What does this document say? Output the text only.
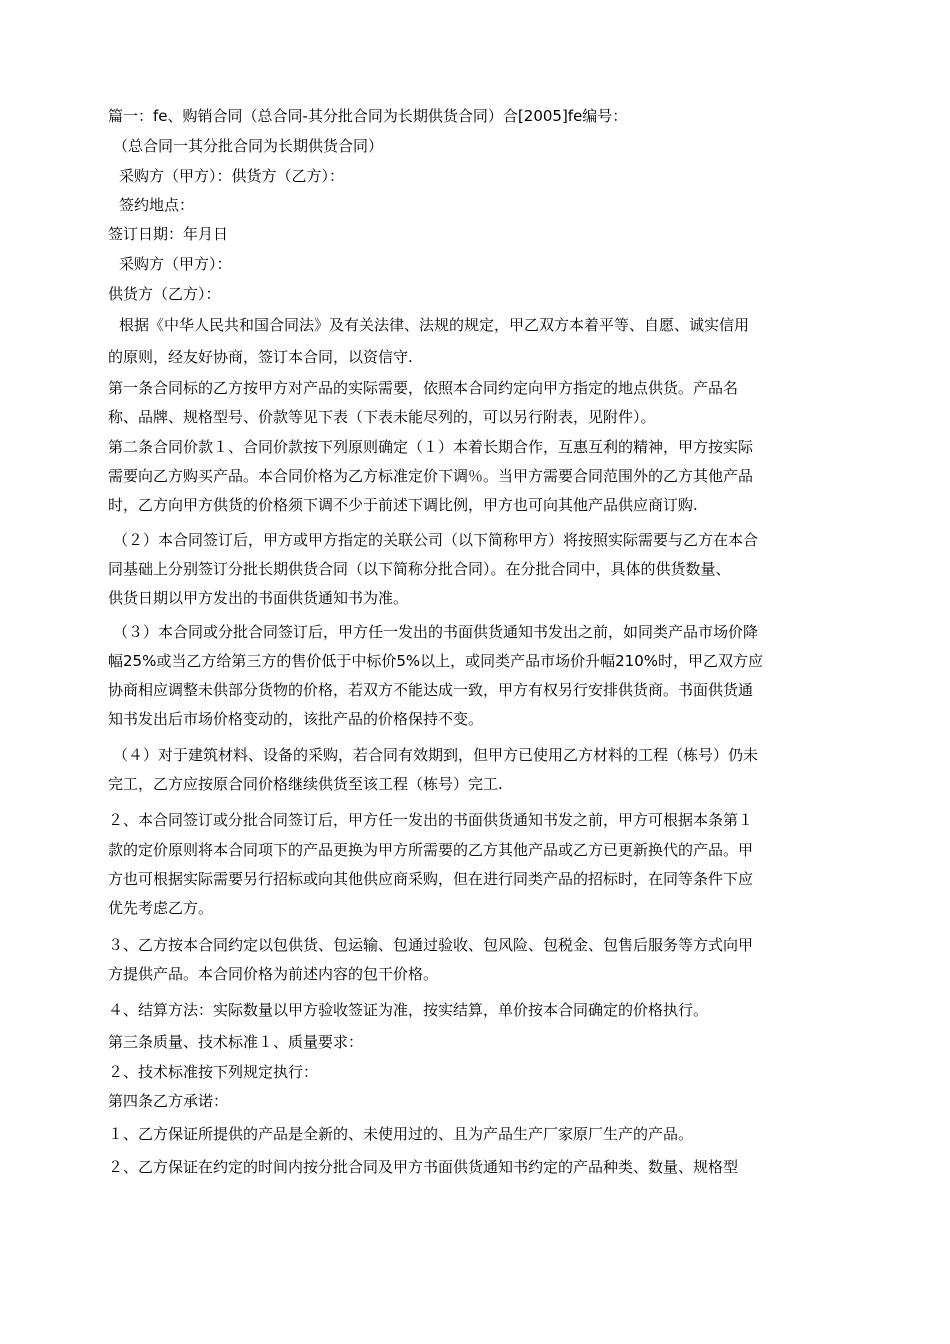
篇一：fe、购销合同（总合同-其分批合同为长期供货合同）合[2005]fe编号：
（总合同一其分批合同为长期供货合同）
采购方（甲方）：供货方（乙方）：
签约地点：
签订日期：年月日
采购方（甲方）：
供货方（乙方）：
根据《中华人民共和国合同法》及有关法律、法规的规定，甲乙双方本着平等、自愿、诚实信用
的原则，经友好协商，签订本合同，以资信守.
第一条合同标的乙方按甲方对产品的实际需要，依照本合同约定向甲方指定的地点供货。产品名
称、品牌、规格型号、价款等见下表（下表未能尽列的，可以另行附表，见附件）。
第二条合同价款１、合同价款按下列原则确定（１）本着长期合作，互惠互利的精神，甲方按实际
需要向乙方购买产品。本合同价格为乙方标准定价下调％。当甲方需要合同范围外的乙方其他产品
时，乙方向甲方供货的价格须下调不少于前述下调比例，甲方也可向其他产品供应商订购.
（２）本合同签订后，甲方或甲方指定的关联公司（以下简称甲方）将按照实际需要与乙方在本合
同基础上分别签订分批长期供货合同（以下简称分批合同）。在分批合同中，具体的供货数量、
供货日期以甲方发出的书面供货通知书为准。
（３）本合同或分批合同签订后，甲方任一发出的书面供货通知书发出之前，如同类产品市场价降
幅25%或当乙方给第三方的售价低于中标价5%以上，或同类产品市场价升幅210%时，甲乙双方应
协商相应调整未供部分货物的价格，若双方不能达成一致，甲方有权另行安排供货商。书面供货通
知书发出后市场价格变动的，该批产品的价格保持不变。
（４）对于建筑材料、设备的采购，若合同有效期到，但甲方已使用乙方材料的工程（栋号）仍未
完工，乙方应按原合同价格继续供货至该工程（栋号）完工.
２、本合同签订或分批合同签订后，甲方任一发出的书面供货通知书发之前，甲方可根据本条第１
款的定价原则将本合同项下的产品更换为甲方所需要的乙方其他产品或乙方已更新换代的产品。甲
方也可根据实际需要另行招标或向其他供应商采购，但在进行同类产品的招标时，在同等条件下应
优先考虑乙方。
３、乙方按本合同约定以包供货、包运输、包通过验收、包风险、包税金、包售后服务等方式向甲
方提供产品。本合同价格为前述内容的包干价格。
４、结算方法：实际数量以甲方验收签证为准，按实结算，单价按本合同确定的价格执行。
第三条质量、技术标准１、质量要求：
２、技术标准按下列规定执行：
第四条乙方承诺：
１、乙方保证所提供的产品是全新的、未使用过的、且为产品生产厂家原厂生产的产品。
２、乙方保证在约定的时间内按分批合同及甲方书面供货通知书约定的产品种类、数量、规格型
